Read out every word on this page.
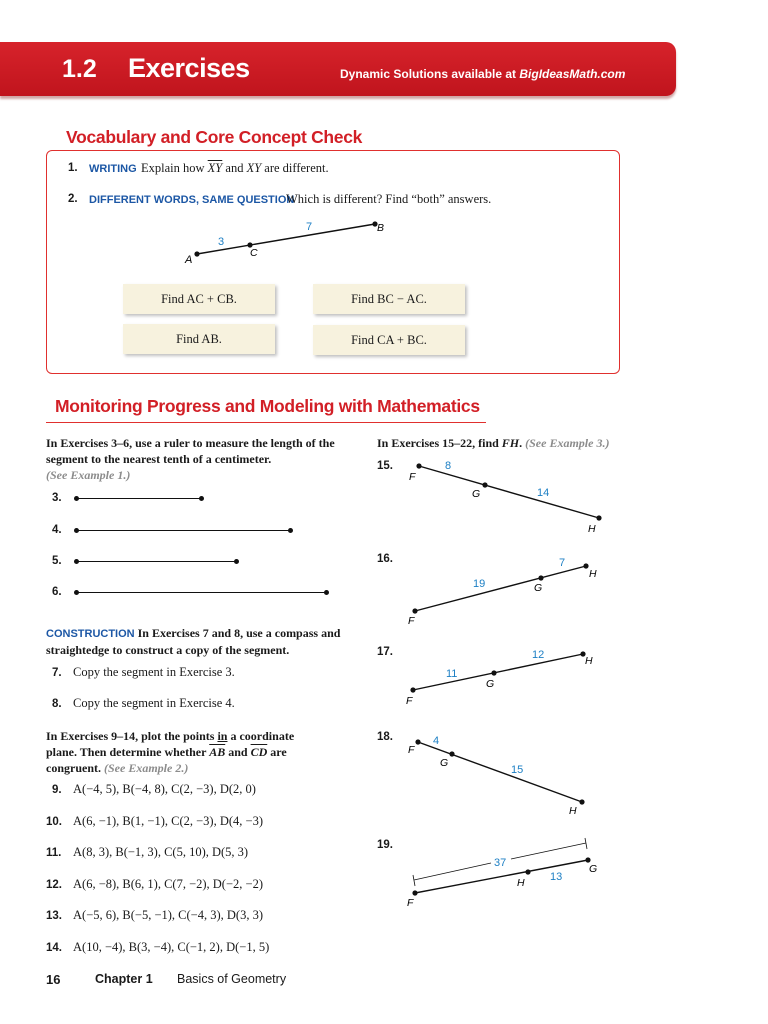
1.2 Exercises	Dynamic Solutions available at BigIdeasMath.com
Vocabulary and Core Concept Check
1. WRITING Explain how $\overline{XY}$ and XY are different.
2. DIFFERENT WORDS, SAME QUESTION
Which is different? Find “both” answers.
A
C
B
3
7
F
G
H
8
14
F
G
H
19
7
F
G
H
11
12
F
G
H
4
15
37
F
H
G
13
Find AC + CB.	Find BC − AC.
Find AB.	Find CA + BC.
Monitoring Progress and Modeling with Mathematics
In Exercises 3–6, use a ruler to measure the length of the segment to the nearest tenth of a centimeter.
(See Example 1.)
3.
4.
5.
6.
CONSTRUCTION In Exercises 7 and 8, use a compass and straightedge to construct a copy of the segment.
7. Copy the segment in Exercise 3.
8. Copy the segment in Exercise 4.
In Exercises 9–14, plot the points in a coordinate plane. Then determine whether $\overline{AB}$ and $\overline{CD}$ are congruent. (See Example 2.)
9. A(−4, 5), B(−4, 8), C(2, −3), D(2, 0)
10. A(6, −1), B(1, −1), C(2, −3), D(4, −3)
11. A(8, 3), B(−1, 3), C(5, 10), D(5, 3)
12. A(6, −8), B(6, 1), C(7, −2), D(−2, −2)
13. A(−5, 6), B(−5, −1), C(−4, 3), D(3, 3)
14. A(10, −4), B(3, −4), C(−1, 2), D(−1, 5)
In Exercises 15–22, find FH. (See Example 3.)
15.
16.
17.
18.
19.
16	Chapter 1 Basics of Geometry
